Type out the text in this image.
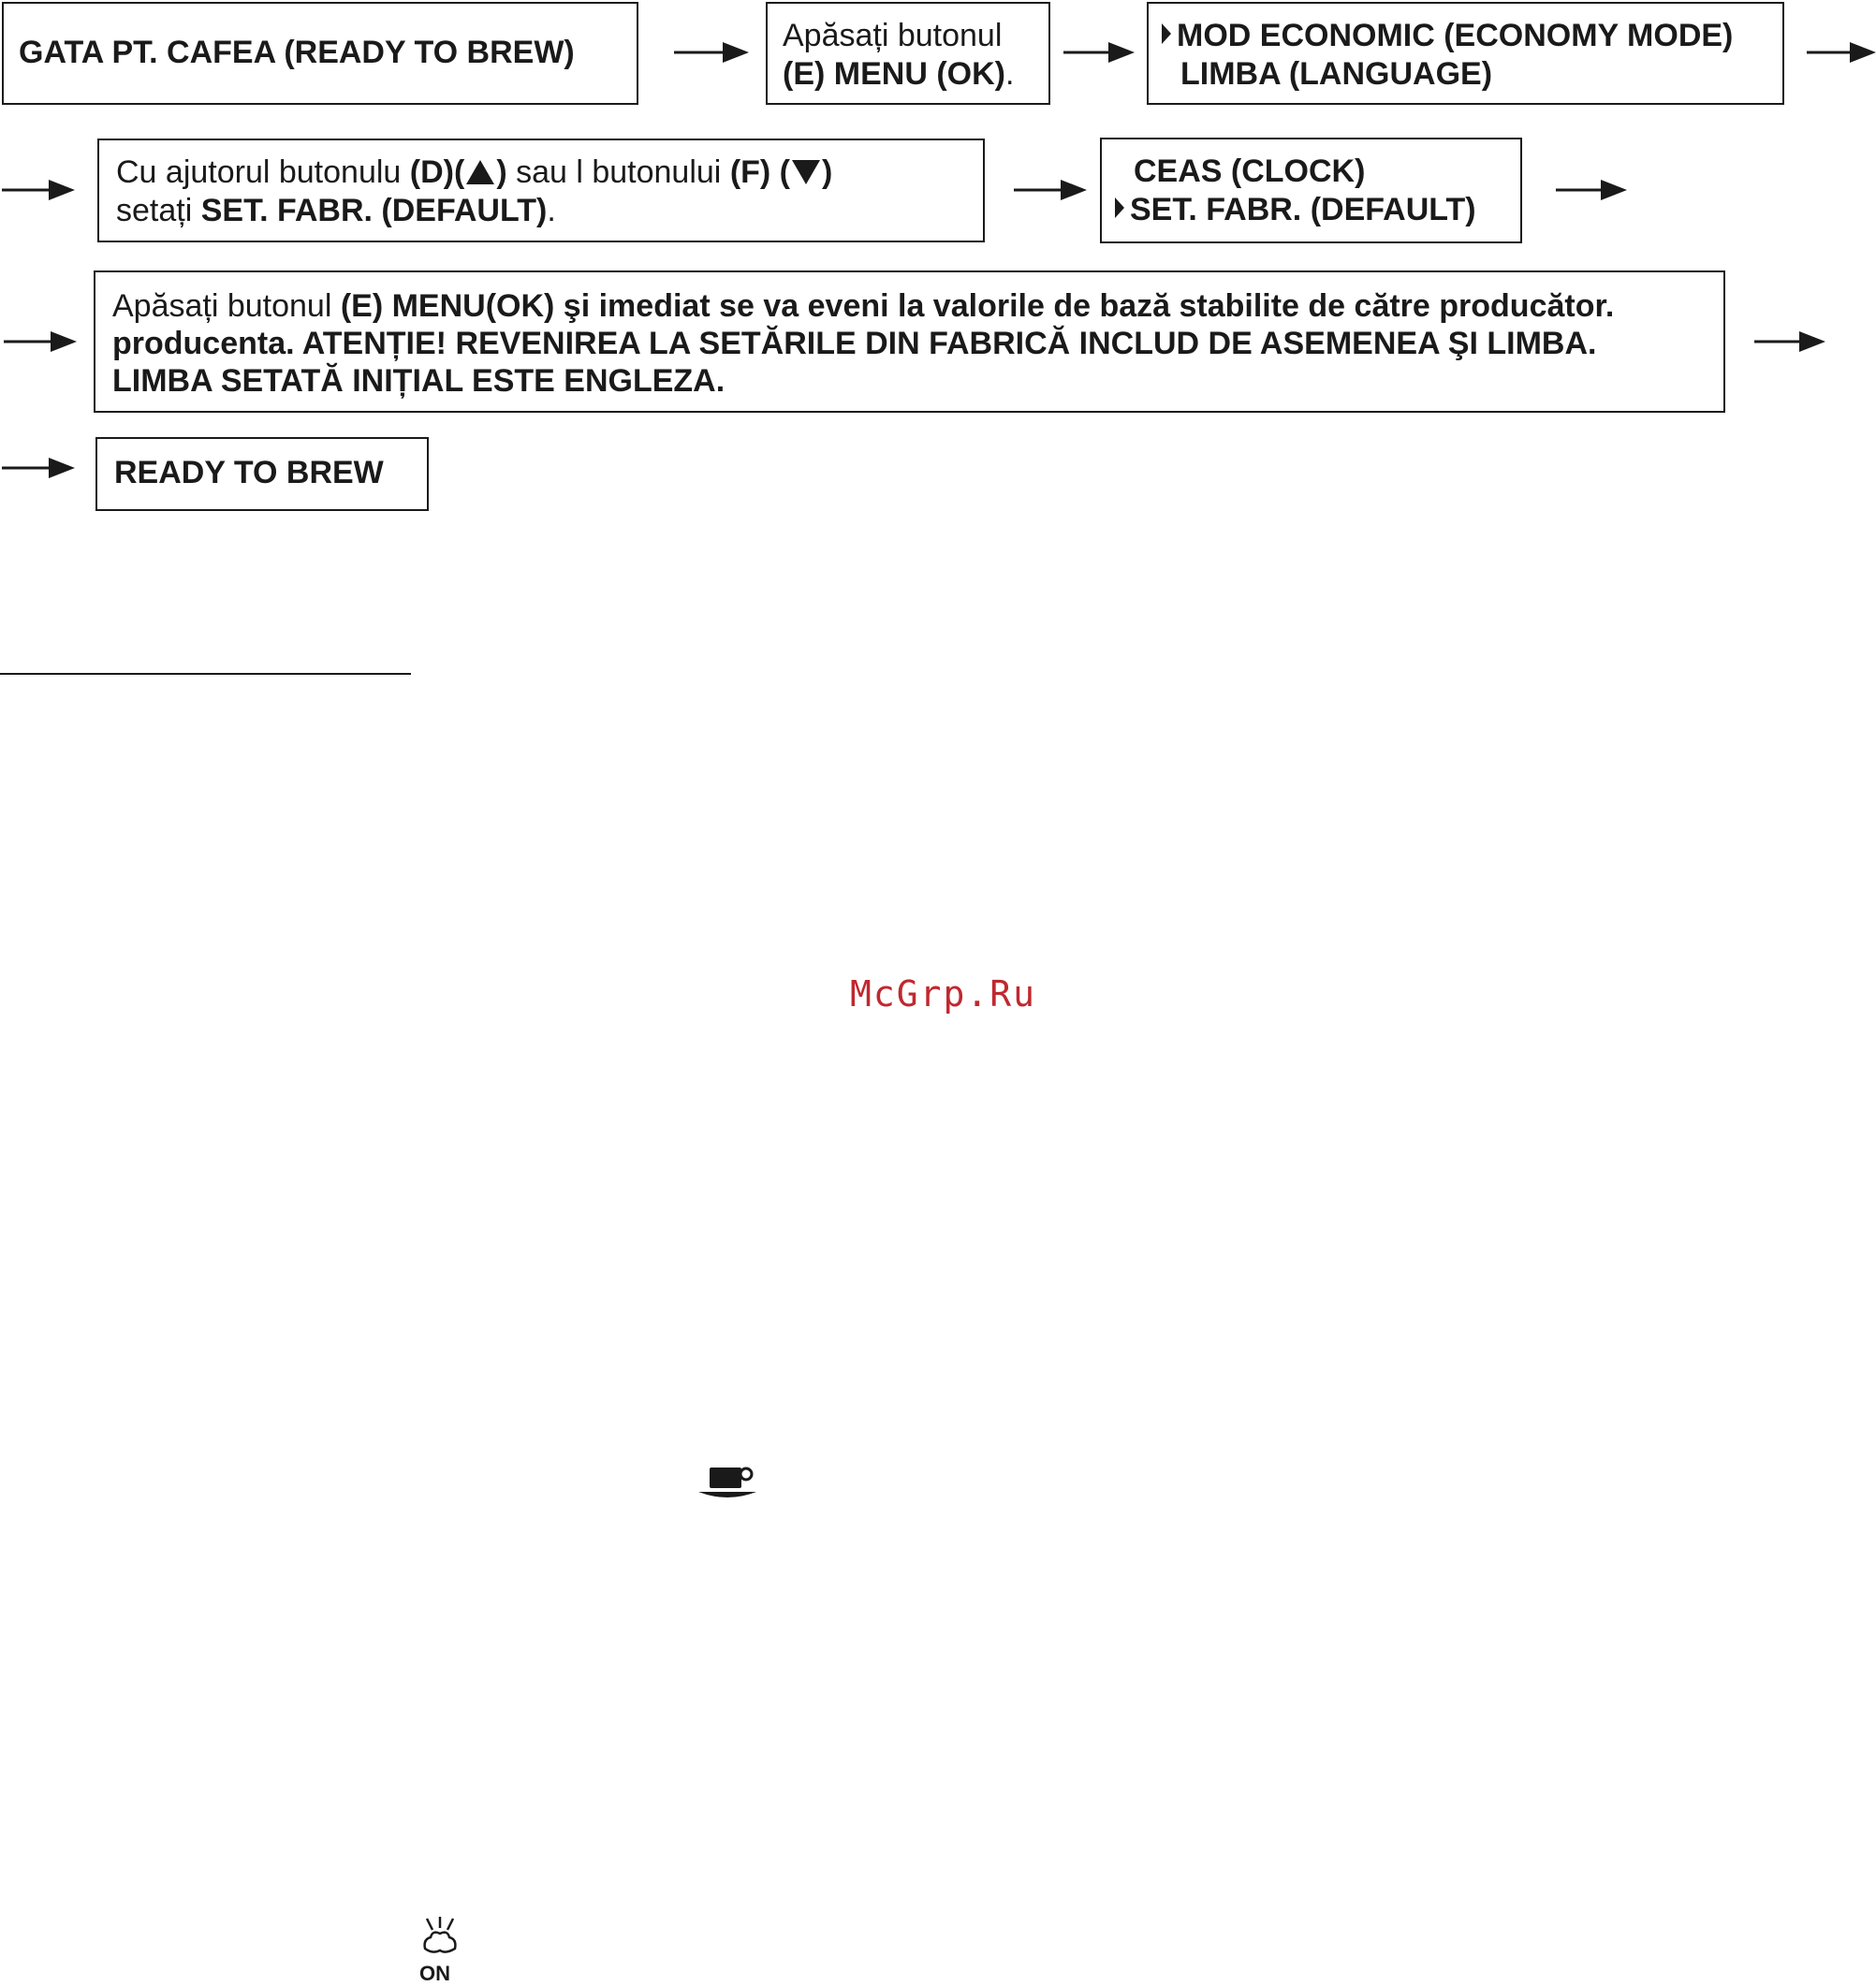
GATA PT. CAFEA (READY TO BREW)	Apăsați butonul
(E) MENU (OK).
MOD ECONOMIC (ECONOMY MODE)
LIMBA (LANGUAGE)
Cu ajutorul butonulu (D)( ) sau l butonului (F) ( )
setați SET. FABR. (DEFAULT).
CEAS (CLOCK)
SET. FABR. (DEFAULT)
Apăsați butonul (E) MENU(OK) şi imediat se va eveni la valorile de bază stabilite de către producător.
producenta. ATENȚIE! REVENIREA LA SETĂRILE DIN FABRICĂ INCLUD DE ASEMENEA ŞI LIMBA.
LIMBA SETATĂ INIȚIAL ESTE ENGLEZA.
READY TO BREW
McGrp.Ru
ON
